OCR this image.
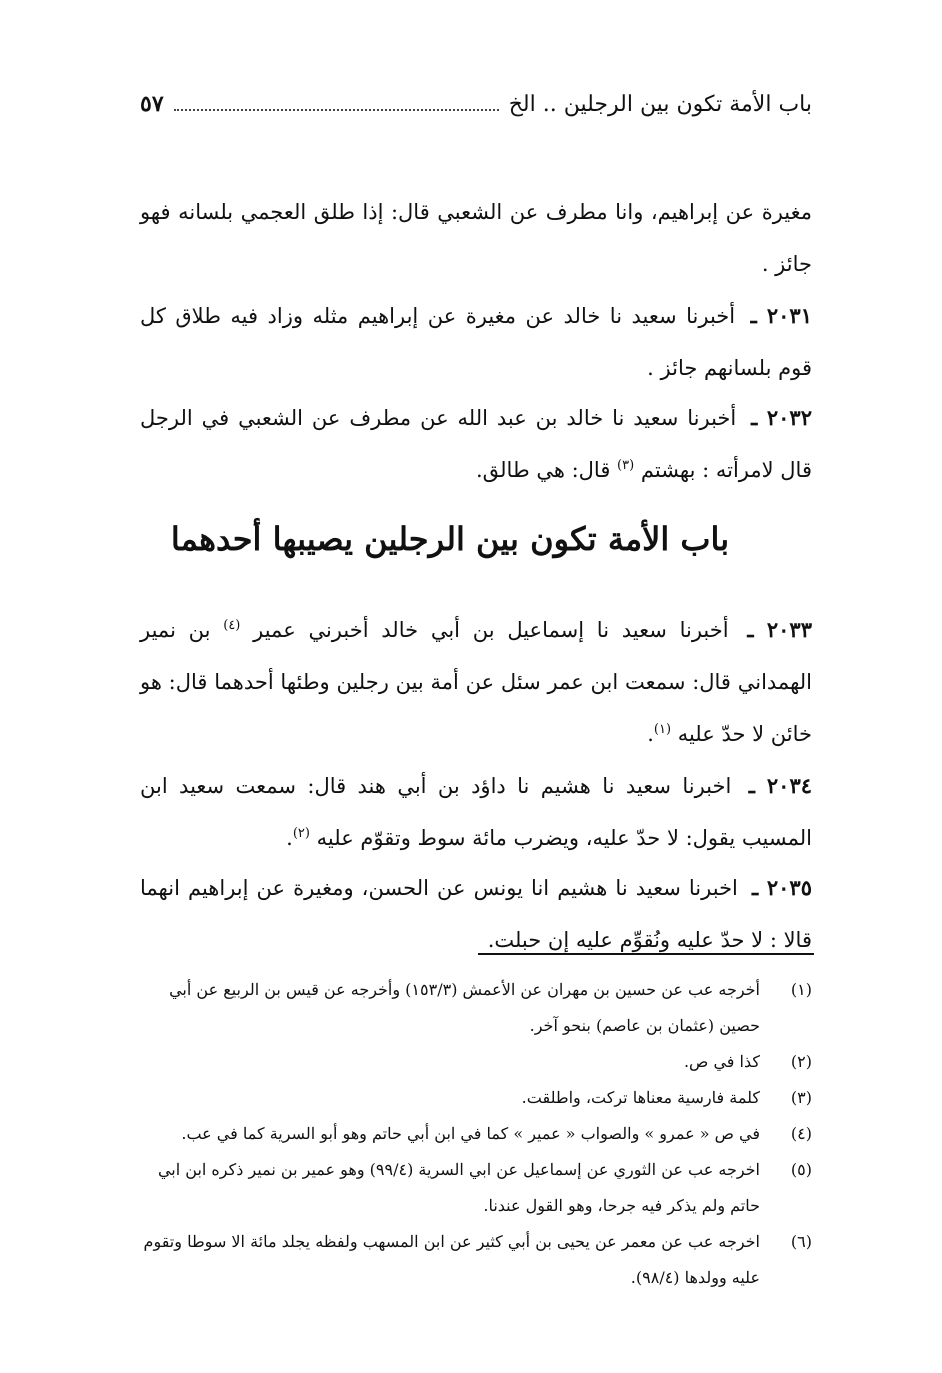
باب الأمة تكون بين الرجلين .. الخ
٥٧
مغيرة عن إبراهيم، وانا مطرف عن الشعبي قال: إذا طلق العجمي بلسانه فهو جائز .
٢٠٣١ ـ أخبرنا سعيد نا خالد عن مغيرة عن إبراهيم مثله وزاد فيه طلاق كل قوم بلسانهم جائز .
٢٠٣٢ ـ أخبرنا سعيد نا خالد بن عبد الله عن مطرف عن الشعبي في الرجل قال لامرأته : بهشتم $^{(٣)}$ قال: هي طالق.
باب الأمة تكون بين الرجلين يصيبها أحدهما
٢٠٣٣ ـ أخبرنا سعيد نا إسماعيل بن أبي خالد أخبرني عمير $^{(٤)}$ بن نمير الهمداني قال: سمعت ابن عمر سئل عن أمة بين رجلين وطئها أحدهما قال: هو خائن لا حدّ عليه $^{(١)}$.
٢٠٣٤ ـ اخبرنا سعيد نا هشيم نا داؤد بن أبي هند قال: سمعت سعيد ابن المسيب يقول: لا حدّ عليه، ويضرب مائة سوط وتقوّم عليه $^{(٢)}$.
٢٠٣٥ ـ اخبرنا سعيد نا هشيم انا يونس عن الحسن، ومغيرة عن إبراهيم انهما قالا : لا حدّ عليه ونُقوِّم عليه إن حبلت.
(١)
أخرجه عب عن حسين بن مهران عن الأعمش (١٥٣/٣) وأخرجه عن قيس بن الربيع عن أبي حصين (عثمان بن عاصم) بنحو آخر.
(٢)
كذا في ص.
(٣)
كلمة فارسية معناها تركت، واطلقت.
(٤)
في ص « عمرو » والصواب « عمير » كما في ابن أبي حاتم وهو أبو السرية كما في عب.
(٥)
اخرجه عب عن الثوري عن إسماعيل عن ابي السرية (٩٩/٤) وهو عمير بن نمير ذكره ابن ابي حاتم ولم يذكر فيه جرحا، وهو القول عندنا.
(٦)
اخرجه عب عن معمر عن يحيى بن أبي كثير عن ابن المسهب ولفظه يجلد مائة الا سوطا وتقوم عليه وولدها (٩٨/٤).
